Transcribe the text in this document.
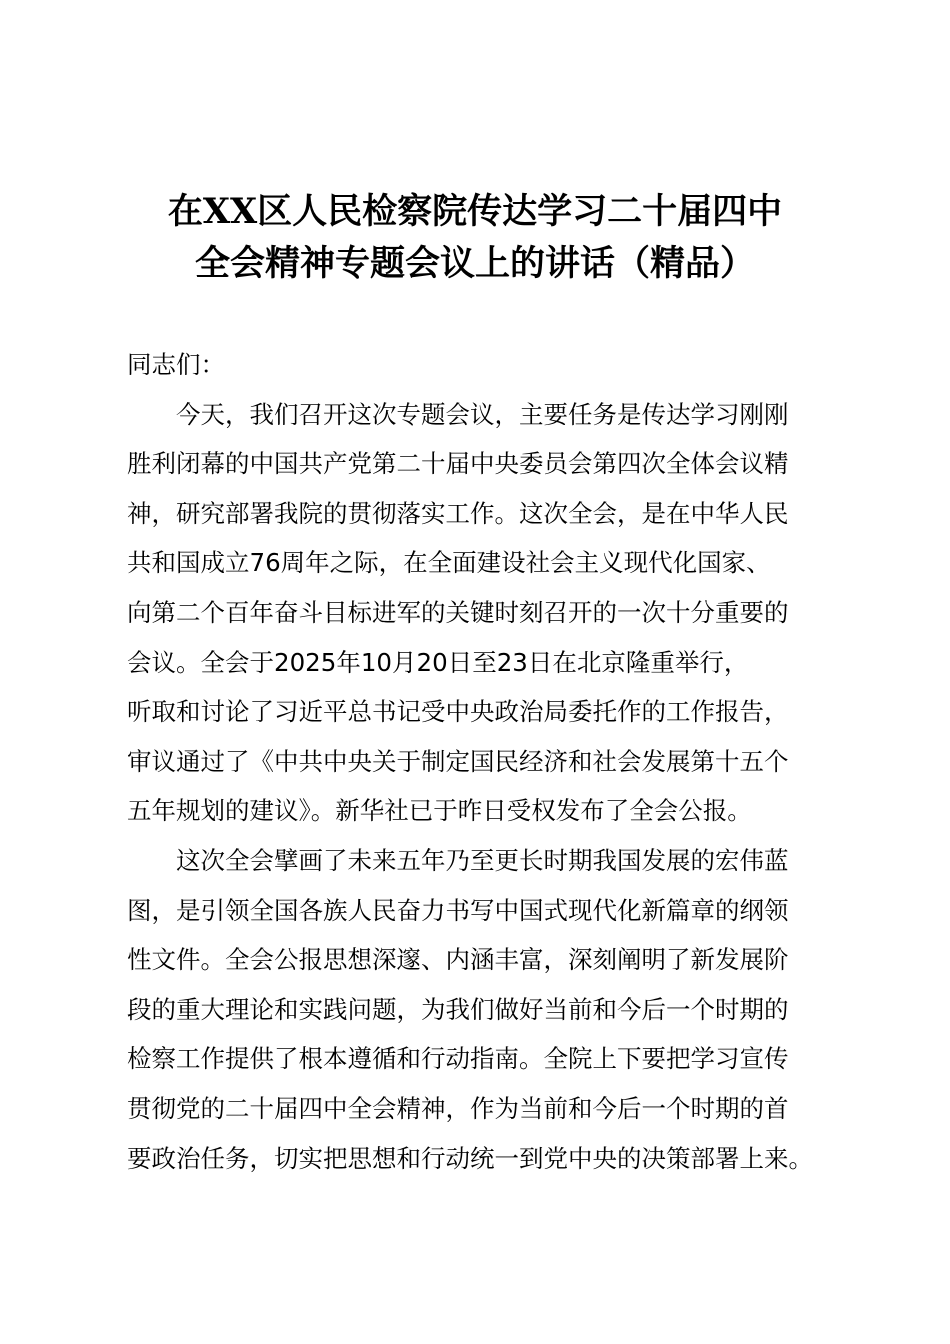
在XX区人民检察院传达学习二十届四中
全会精神专题会议上的讲话（精品）
同志们：
今天，我们召开这次专题会议，主要任务是传达学习刚刚
胜利闭幕的中国共产党第二十届中央委员会第四次全体会议精
神，研究部署我院的贯彻落实工作。这次全会，是在中华人民
共和国成立76周年之际，在全面建设社会主义现代化国家、
向第二个百年奋斗目标进军的关键时刻召开的一次十分重要的
会议。全会于2025年10月20日至23日在北京隆重举行，
听取和讨论了习近平总书记受中央政治局委托作的工作报告，
审议通过了《中共中央关于制定国民经济和社会发展第十五个
五年规划的建议》。新华社已于昨日受权发布了全会公报。
这次全会擘画了未来五年乃至更长时期我国发展的宏伟蓝
图，是引领全国各族人民奋力书写中国式现代化新篇章的纲领
性文件。全会公报思想深邃、内涵丰富，深刻阐明了新发展阶
段的重大理论和实践问题，为我们做好当前和今后一个时期的
检察工作提供了根本遵循和行动指南。全院上下要把学习宣传
贯彻党的二十届四中全会精神，作为当前和今后一个时期的首
要政治任务，切实把思想和行动统一到党中央的决策部署上来。
